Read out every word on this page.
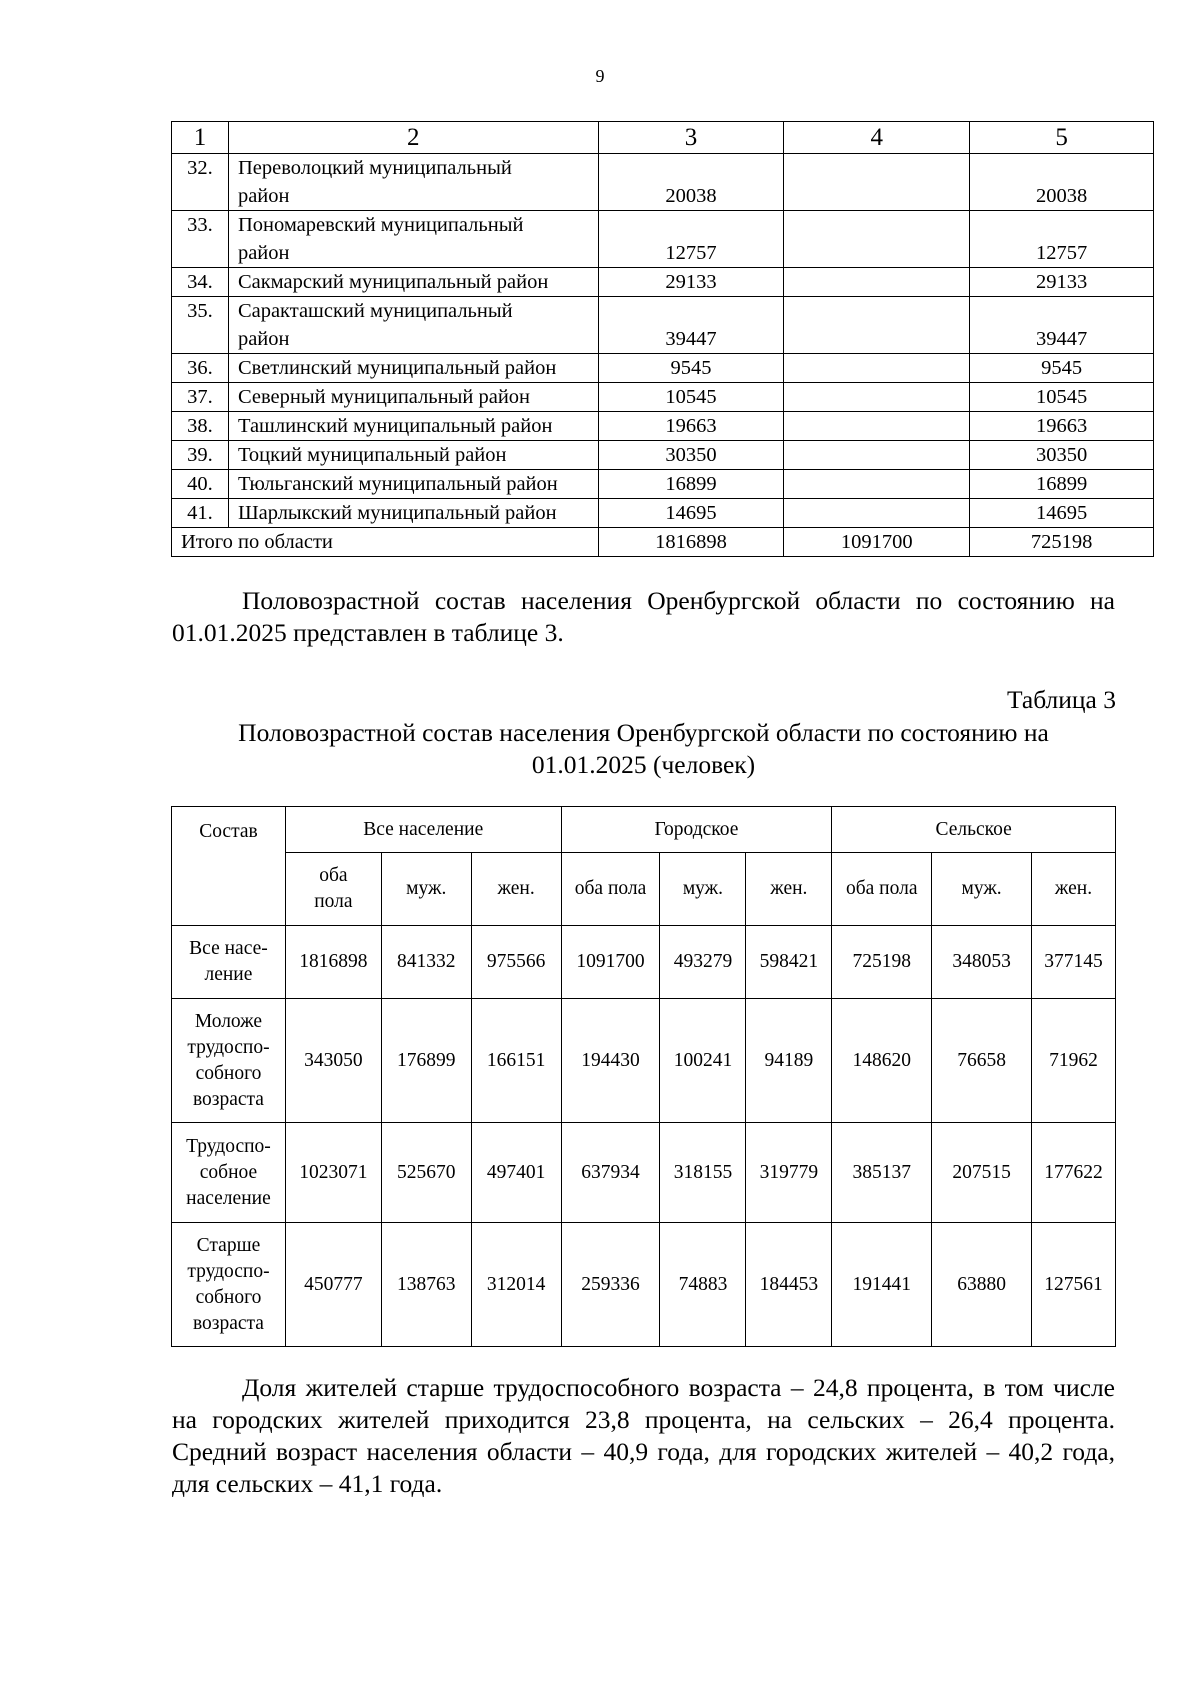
9
1	2	3	4	5
32.	Переволоцкий муниципальный
район	20038		20038
33.	Пономаревский муниципальный
район	12757		12757
34.	Сакмарский муниципальный район	29133		29133
35.	Саракташский муниципальный
район	39447		39447
36.	Светлинский муниципальный район	9545		9545
37.	Северный муниципальный район	10545		10545
38.	Ташлинский муниципальный район	19663		19663
39.	Тоцкий муниципальный район	30350		30350
40.	Тюльганский муниципальный район	16899		16899
41.	Шарлыкский муниципальный район	14695		14695
Итого по области		1816898	1091700	725198
Половозрастной состав населения Оренбургской области по состоянию на 01.01.2025 представлен в таблице 3.
Таблица 3
Половозрастной состав населения Оренбургской области по состоянию на
01.01.2025 (человек)
Состав	Все население			Городское			Сельское		

	оба
пола	муж.	жен.	оба пола	муж.	жен.	оба пола	муж.	жен.

Все насе-
ление	1816898	841332	975566	1091700	493279	598421	725198	348053	377145

Моложе
трудоспо-
собного
возраста	343050	176899	166151	194430	100241	94189	148620	76658	71962

Трудоспо-
собное
население	1023071	525670	497401	637934	318155	319779	385137	207515	177622

Старше
трудоспо-
собного
возраста	450777	138763	312014	259336	74883	184453	191441	63880	127561
Доля жителей старше трудоспособного возраста – 24,8 процента, в том числе на городских жителей приходится 23,8 процента, на сельских – 26,4 процента. Средний возраст населения области – 40,9 года, для городских жителей – 40,2 года, для сельских – 41,1 года.
